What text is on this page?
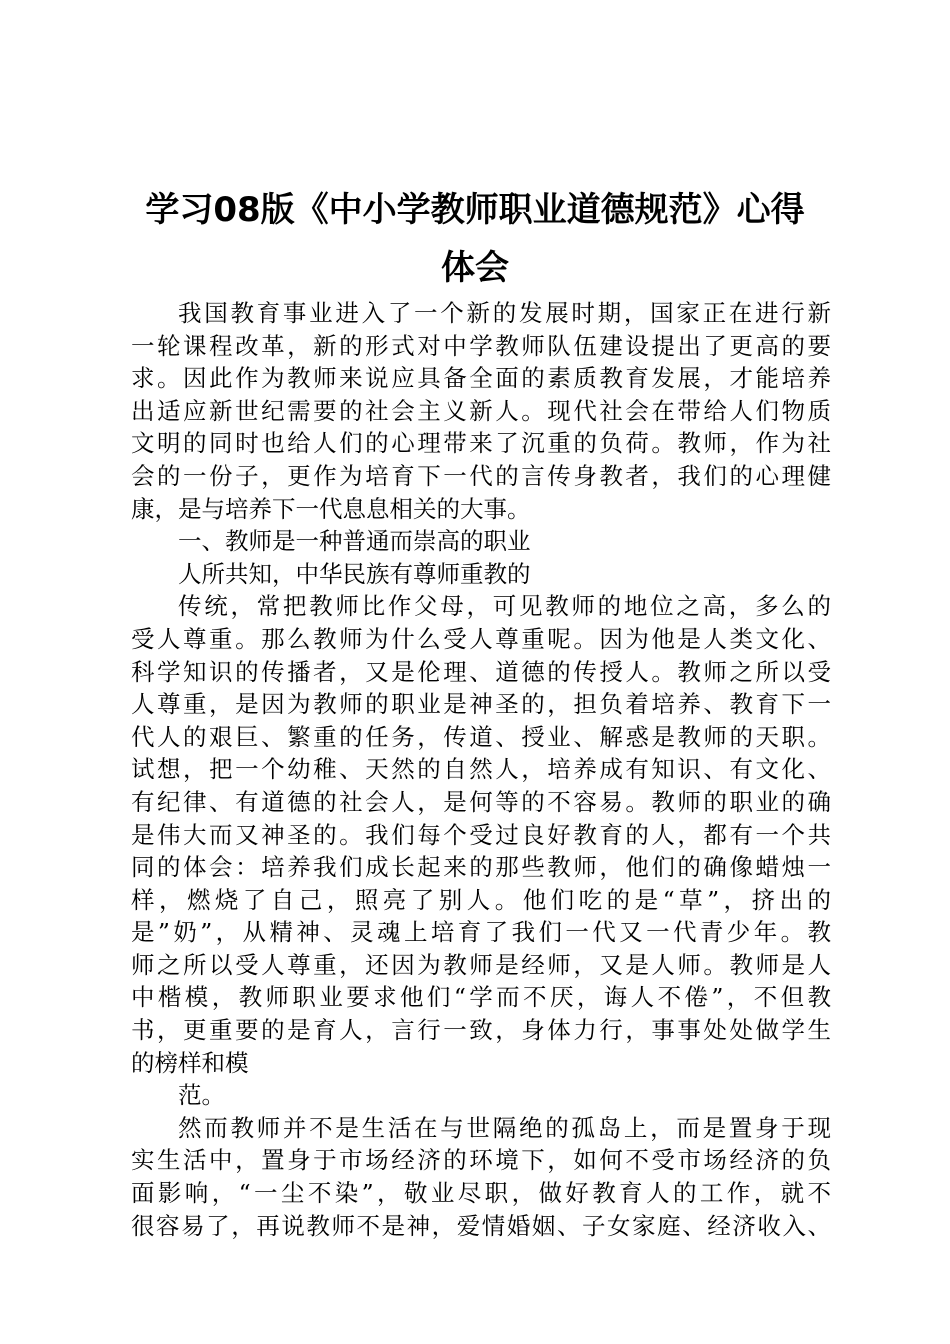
学习08版《中小学教师职业道德规范》心得
体会
我国教育事业进入了一个新的发展时期，国家正在进行新
一轮课程改革，新的形式对中学教师队伍建设提出了更高的要
求。因此作为教师来说应具备全面的素质教育发展，才能培养
出适应新世纪需要的社会主义新人。现代社会在带给人们物质
文明的同时也给人们的心理带来了沉重的负荷。教师，作为社
会的一份子，更作为培育下一代的言传身教者，我们的心理健
康，是与培养下一代息息相关的大事。
一、教师是一种普通而崇高的职业
人所共知，中华民族有尊师重教的
传统，常把教师比作父母，可见教师的地位之高，多么的
受人尊重。那么教师为什么受人尊重呢。因为他是人类文化、
科学知识的传播者，又是伦理、道德的传授人。教师之所以受
人尊重，是因为教师的职业是神圣的，担负着培养、教育下一
代人的艰巨、繁重的任务，传道、授业、解惑是教师的天职。
试想，把一个幼稚、天然的自然人，培养成有知识、有文化、
有纪律、有道德的社会人，是何等的不容易。教师的职业的确
是伟大而又神圣的。我们每个受过良好教育的人，都有一个共
同的体会：培养我们成长起来的那些教师，他们的确像蜡烛一
样，燃烧了自己，照亮了别人。他们吃的是“草”，挤出的
是”奶”，从精神、灵魂上培育了我们一代又一代青少年。教
师之所以受人尊重，还因为教师是经师，又是人师。教师是人
中楷模，教师职业要求他们“学而不厌，诲人不倦”，不但教
书，更重要的是育人，言行一致，身体力行，事事处处做学生
的榜样和模
范。
然而教师并不是生活在与世隔绝的孤岛上，而是置身于现
实生活中，置身于市场经济的环境下，如何不受市场经济的负
面影响，“一尘不染”，敬业尽职，做好教育人的工作，就不
很容易了，再说教师不是神，爱情婚姻、子女家庭、经济收入、
